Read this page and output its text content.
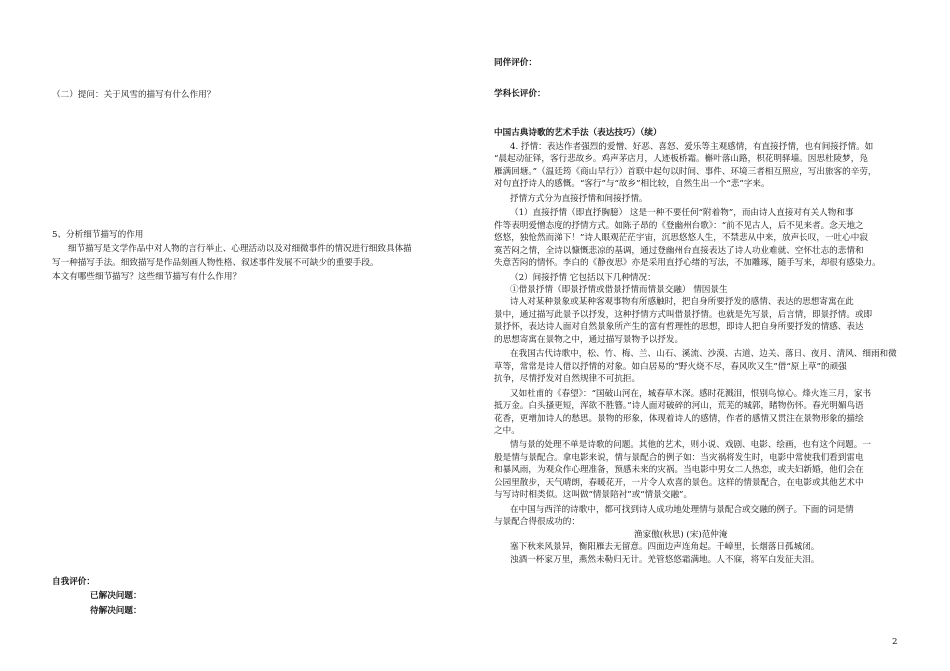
（二）提问：关于风雪的描写有什么作用？
5、分析细节描写的作用
细节描写是文学作品中对人物的言行举止、心理活动以及对细微事件的情况进行细致具体描
写一种描写手法。细致描写是作品刻画人物性格、叙述事件发展不可缺少的重要手段。
本文有哪些细节描写？这些细节描写有什么作用？
自我评价：
已解决问题：
待解决问题：
同伴评价：
学科长评价：
中国古典诗歌的艺术手法（表达技巧）（续）
4. 抒情：表达作者强烈的爱憎、好恶、喜怒、爱乐等主观感情，有直接抒情，也有间接抒情。如
“晨起动征铎，客行悲故乡。鸡声茅店月，人迹板桥霜。槲叶落山路，枳花明驿墙。因思杜陵梦，凫
雁满回塘。”（温廷筠《商山早行》）首联中起句以时间、事件、环境三者相互照应，写出旅客的辛劳，
对句直抒诗人的感慨。“客行”与“故乡”相比较，自然生出一个“悲”字来。
抒情方式分为直接抒情和间接抒情。
（1）直接抒情（即直抒胸臆） 这是一种不要任何“附着物”，而由诗人直接对有关人物和事
件等表明爱憎态度的抒情方式。如陈子昂的《登幽州台歌》：“前不见古人，后不见来者。念天地之
悠悠，独怆然而涕下！”诗人眼观茫茫宇宙，沉思悠悠人生，不禁悲从中来，放声长叹，一吐心中寂
寞苦闷之情，全诗以慷慨悲凉的基调，通过登幽州台直接表达了诗人功业难就、空怀壮志的悲情和
失意苦闷的情怀。李白的《静夜思》亦是采用直抒心绪的写法，不加雕琢，随手写来，却很有感染力。
（2）间接抒情 它包括以下几种情况：
①借景抒情（即景抒情或借景抒情而情景交融） 情因景生
诗人对某种景象或某种客观事物有所感触时，把自身所要抒发的感情、表达的思想寄寓在此
景中，通过描写此景予以抒发，这种抒情方式叫借景抒情。也就是先写景，后言情，即景抒情。或即
景抒怀，表达诗人面对自然景象所产生的富有哲理性的思想，即诗人把自身所要抒发的情感、表达
的思想寄寓在景物之中，通过描写景物予以抒发。
在我国古代诗歌中，松、竹、梅、兰、山石、溪流、沙漠、古道、边关、落日、夜月、清风、细雨和微
草等，常常是诗人借以抒情的对象。如白居易的“野火烧不尽，春风吹又生”借“原上草”的顽强
抗争，尽情抒发对自然规律不可抗拒。
又如杜甫的《春望》：“国破山河在，城春草木深。感时花溅泪，恨别鸟惊心。烽火连三月，家书
抵万金。白头搔更短，浑欲不胜簪。”诗人面对破碎的河山，荒芜的城郭，睹物伤怀。春光明媚鸟语
花香，更增加诗人的愁思。景物的形象，体现着诗人的感情，作者的感情又贯注在景物形象的描绘
之中。
情与景的处理不单是诗歌的问题。其他的艺术，则小说、戏剧、电影、绘画，也有这个问题。一
般是情与景配合。拿电影来说，情与景配合的例子如：当灾祸将发生时，电影中常使我们看到雷电
和暴风雨，为观众作心理准备，预感未来的灾祸。当电影中男女二人热恋，或夫妇新婚，他们会在
公园里散步，天气晴朗，春暖花开，一片令人欢喜的景色。这样的情景配合，在电影或其他艺术中
与写诗时相类似。这叫做“情景陪衬”或“情景交融”。
在中国与西洋的诗歌中，都可找到诗人成功地处理情与景配合或交融的例子。下面的词是情
与景配合得很成功的：
渔家傲(秋思) (宋)范仲淹
塞下秋来风景异，衡阳雁去无留意。四面边声连角起。千嶂里，长烟落日孤城闭。
浊酒一杯家万里，燕然未勒归无计。羌管悠悠霜满地。人不寐，将军白发征夫泪。
2
